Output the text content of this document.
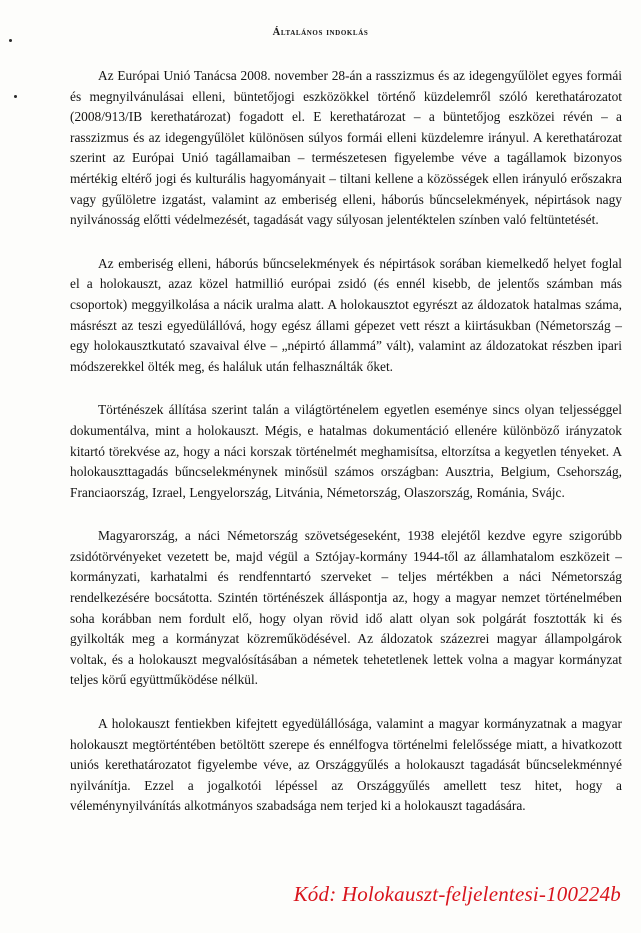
Általános indoklás

Az Európai Unió Tanácsa 2008. november 28-án a rasszizmus és az idegengyűlölet egyes formái és megnyilvánulásai elleni, büntetőjogi eszközökkel történő küzdelemről szóló kerethatározatot (2008/913/IB kerethatározat) fogadott el. E kerethatározat – a büntetőjog eszközei révén – a rasszizmus és az idegengyűlölet különösen súlyos formái elleni küzdelemre irányul. A kerethatározat szerint az Európai Unió tagállamaiban – természetesen figyelembe véve a tagállamok bizonyos mértékig eltérő jogi és kulturális hagyományait – tiltani kellene a közösségek ellen irányuló erőszakra vagy gyűlöletre izgatást, valamint az emberiség elleni, háborús bűncselekmények, népirtások nagy nyilvánosság előtti védelmezését, tagadását vagy súlyosan jelentéktelen színben való feltüntetését.

Az emberiség elleni, háborús bűncselekmények és népirtások sorában kiemelkedő helyet foglal el a holokauszt, azaz közel hatmillió európai zsidó (és ennél kisebb, de jelentős számban más csoportok) meggyilkolása a nácik uralma alatt. A holokausztot egyrészt az áldozatok hatalmas száma, másrészt az teszi egyedülállóvá, hogy egész állami gépezet vett részt a kiirtásukban (Németország – egy holokausztkutató szavaival élve – „népirtó állammá” vált), valamint az áldozatokat részben ipari módszerekkel ölték meg, és haláluk után felhasználták őket.

Történészek állítása szerint talán a világtörténelem egyetlen eseménye sincs olyan teljességgel dokumentálva, mint a holokauszt. Mégis, e hatalmas dokumentáció ellenére különböző irányzatok kitartó törekvése az, hogy a náci korszak történelmét meghamisítsa, eltorzítsa a kegyetlen tényeket. A holokauszttagadás bűncselekménynek minősül számos országban: Ausztria, Belgium, Csehország, Franciaország, Izrael, Lengyelország, Litvánia, Németország, Olaszország, Románia, Svájc.

Magyarország, a náci Németország szövetségeseként, 1938 elejétől kezdve egyre szigorúbb zsidótörvényeket vezetett be, majd végül a Sztójay-kormány 1944-től az államhatalom eszközeit – kormányzati, karhatalmi és rendfenntartó szerveket – teljes mértékben a náci Németország rendelkezésére bocsátotta. Szintén történészek álláspontja az, hogy a magyar nemzet történelmében soha korábban nem fordult elő, hogy olyan rövid idő alatt olyan sok polgárát fosztották ki és gyilkolták meg a kormányzat közreműködésével. Az áldozatok százezrei magyar állampolgárok voltak, és a holokauszt megvalósításában a németek tehetetlenek lettek volna a magyar kormányzat teljes körű együttműködése nélkül.

A holokauszt fentiekben kifejtett egyedülállósága, valamint a magyar kormányzatnak a magyar holokauszt megtörténtében betöltött szerepe és ennélfogva történelmi felelőssége miatt, a hivatkozott uniós kerethatározatot figyelembe véve, az Országgyűlés a holokauszt tagadását bűncselekménnyé nyilvánítja. Ezzel a jogalkotói lépéssel az Országgyűlés amellett tesz hitet, hogy a véleménynyilvánítás alkotmányos szabadsága nem terjed ki a holokauszt tagadására.

Kód: Holokauszt-feljelentesi-100224b
